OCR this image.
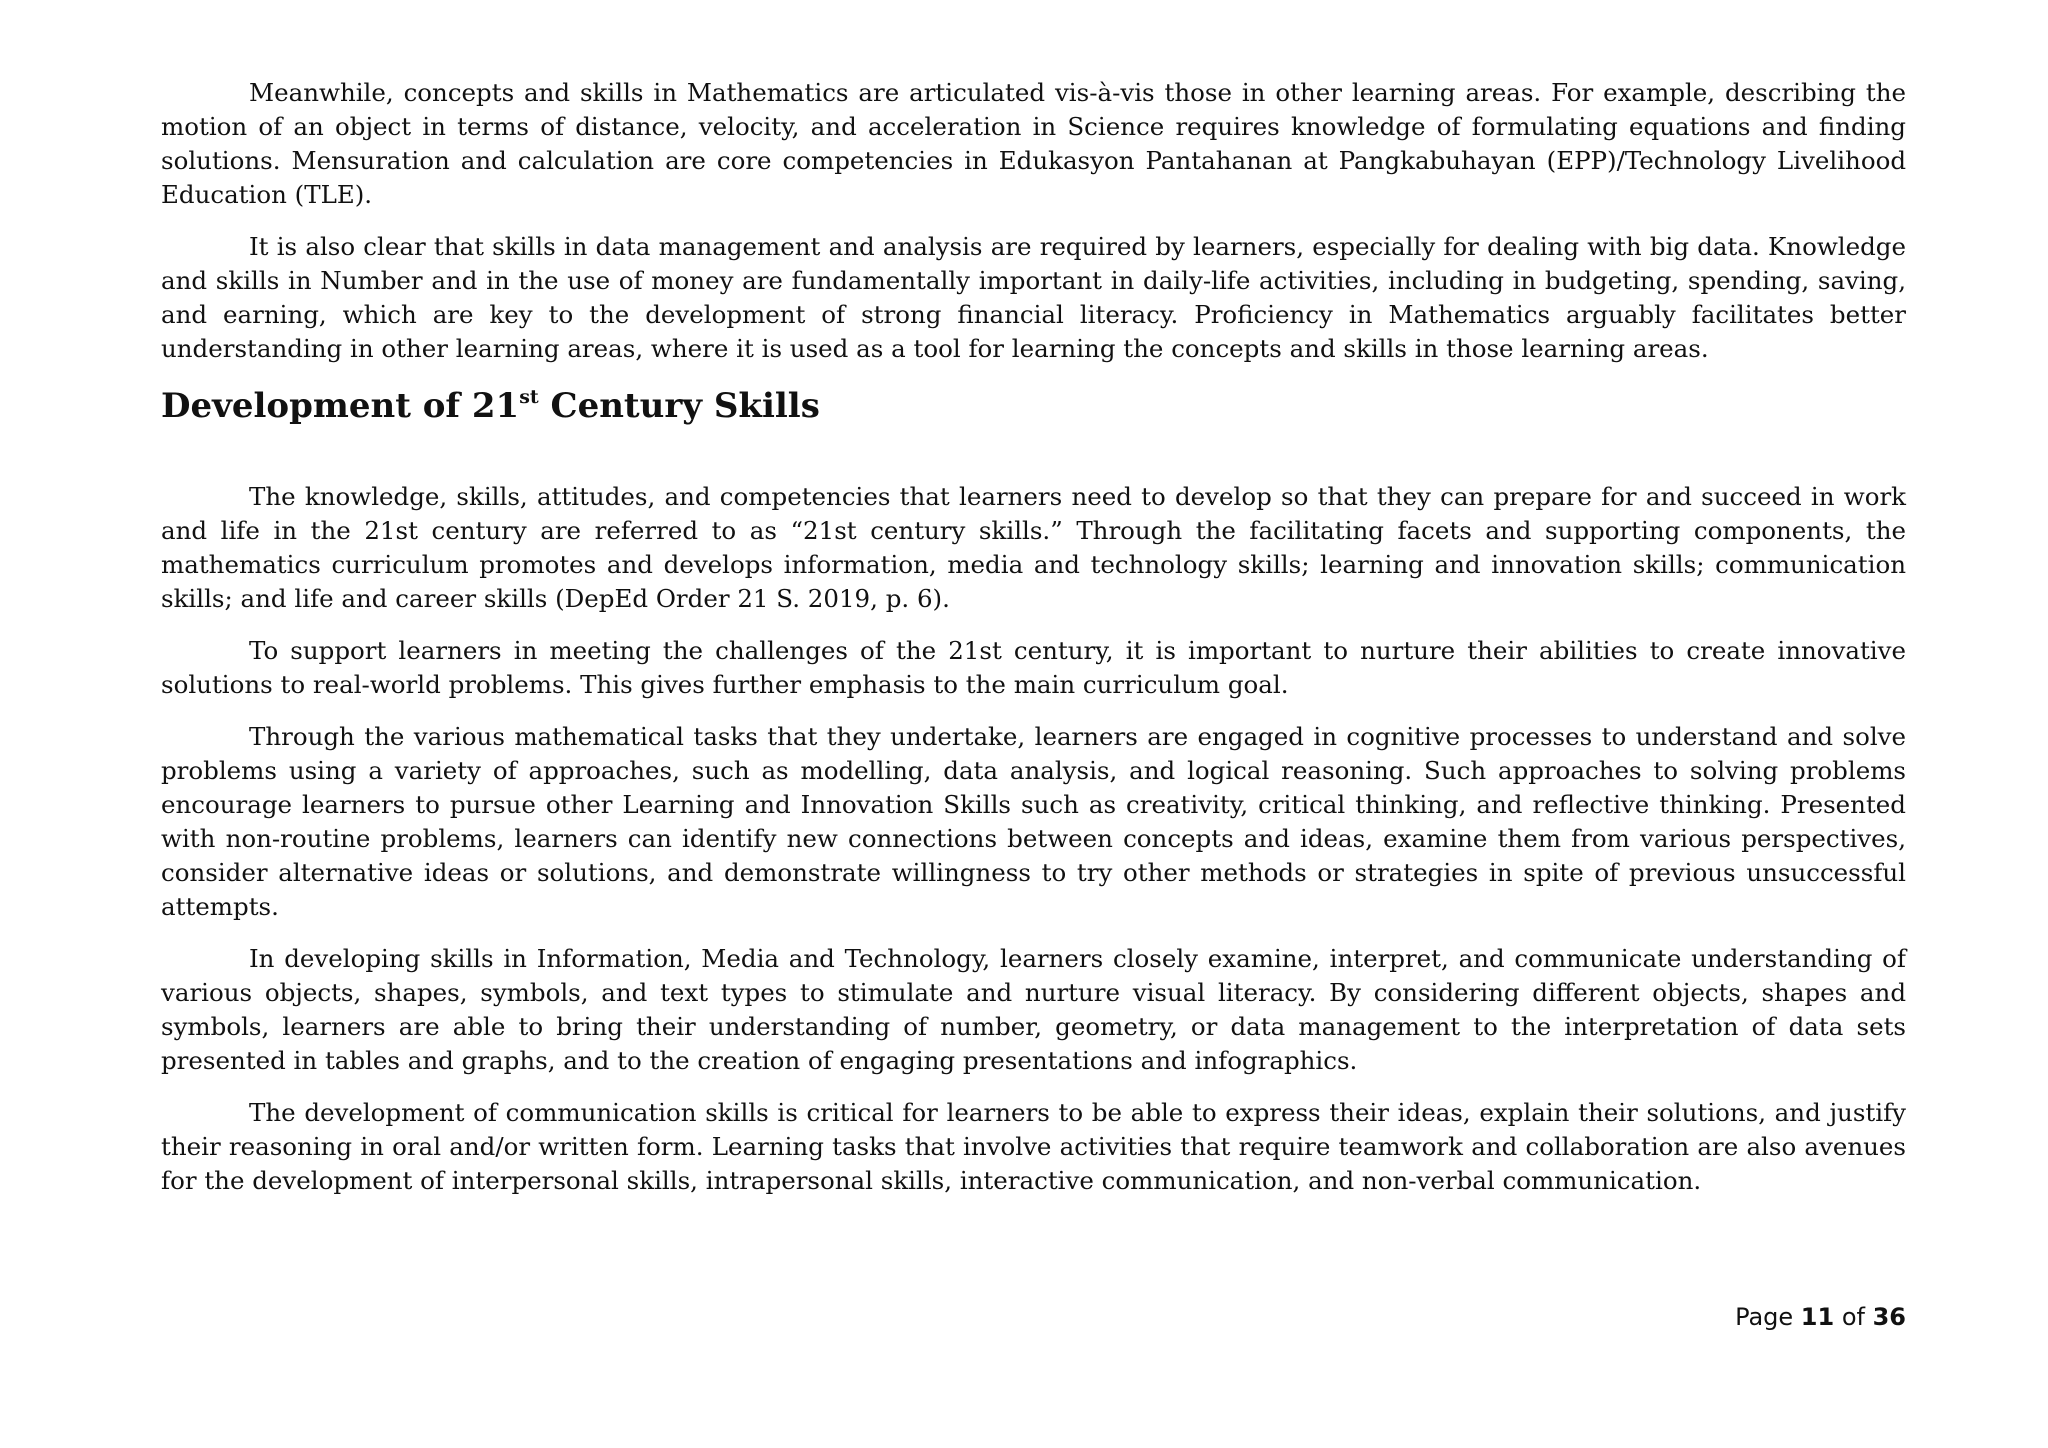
Meanwhile, concepts and skills in Mathematics are articulated vis-à-vis those in other learning areas. For example, describing the motion of an object in terms of distance, velocity, and acceleration in Science requires knowledge of formulating equations and finding solutions. Mensuration and calculation are core competencies in Edukasyon Pantahanan at Pangkabuhayan (EPP)/Technology Livelihood Education (TLE).

It is also clear that skills in data management and analysis are required by learners, especially for dealing with big data. Knowledge and skills in Number and in the use of money are fundamentally important in daily-life activities, including in budgeting, spending, saving, and earning, which are key to the development of strong financial literacy. Proficiency in Mathematics arguably facilitates better understanding in other learning areas, where it is used as a tool for learning the concepts and skills in those learning areas.

Development of 21st Century Skills

The knowledge, skills, attitudes, and competencies that learners need to develop so that they can prepare for and succeed in work and life in the 21st century are referred to as “21st century skills.” Through the facilitating facets and supporting components, the mathematics curriculum promotes and develops information, media and technology skills; learning and innovation skills; communication skills; and life and career skills (DepEd Order 21 S. 2019, p. 6).

To support learners in meeting the challenges of the 21st century, it is important to nurture their abilities to create innovative solutions to real-world problems. This gives further emphasis to the main curriculum goal.

Through the various mathematical tasks that they undertake, learners are engaged in cognitive processes to understand and solve problems using a variety of approaches, such as modelling, data analysis, and logical reasoning. Such approaches to solving problems encourage learners to pursue other Learning and Innovation Skills such as creativity, critical thinking, and reflective thinking. Presented with non-routine problems, learners can identify new connections between concepts and ideas, examine them from various perspectives, consider alternative ideas or solutions, and demonstrate willingness to try other methods or strategies in spite of previous unsuccessful attempts.

In developing skills in Information, Media and Technology, learners closely examine, interpret, and communicate understanding of various objects, shapes, symbols, and text types to stimulate and nurture visual literacy. By considering different objects, shapes and symbols, learners are able to bring their understanding of number, geometry, or data management to the interpretation of data sets presented in tables and graphs, and to the creation of engaging presentations and infographics.

The development of communication skills is critical for learners to be able to express their ideas, explain their solutions, and justify their reasoning in oral and/or written form. Learning tasks that involve activities that require teamwork and collaboration are also avenues for the development of interpersonal skills, intrapersonal skills, interactive communication, and non-verbal communication.

Page 11 of 36
